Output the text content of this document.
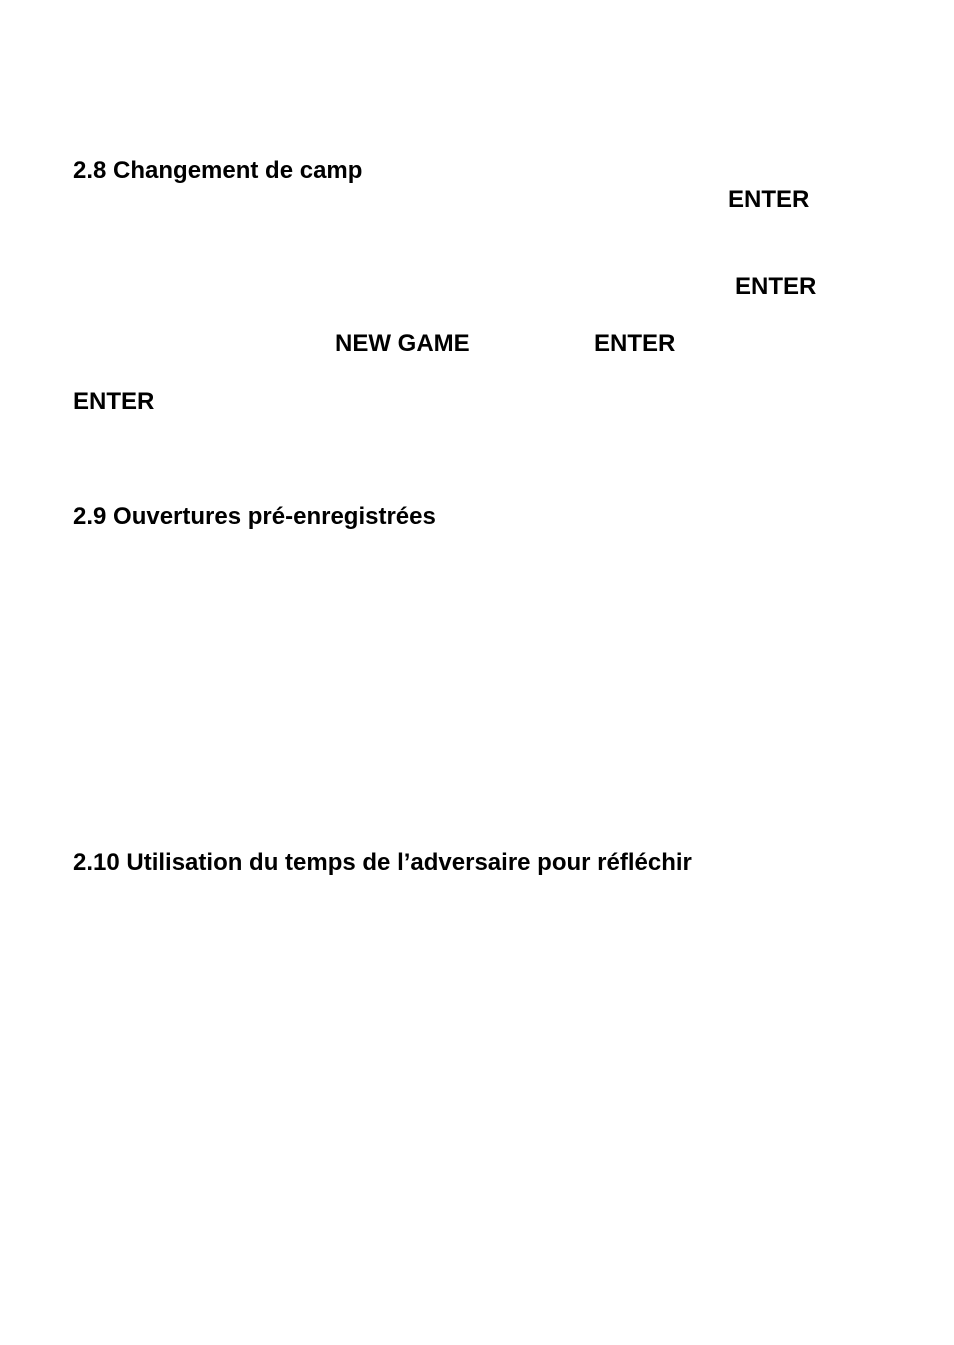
2.8 Changement de camp
ENTER
ENTER
NEW GAME	ENTER
ENTER
2.9 Ouvertures pré-enregistrées
2.10 Utilisation du temps de l’adversaire pour réfléchir
